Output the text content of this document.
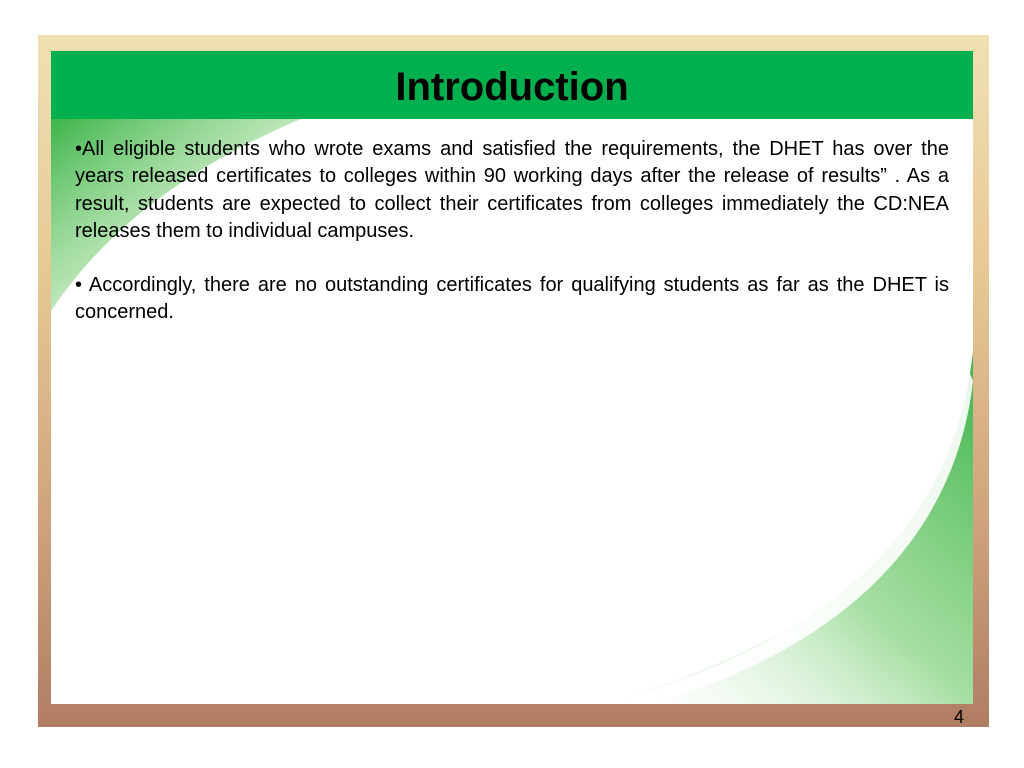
Introduction

•All eligible students who wrote exams and satisfied the requirements, the DHET has over the years released certificates to colleges within 90 working days after the release of results” . As a result, students are expected to collect their certificates from colleges immediately the CD:NEA releases them to individual campuses.

• Accordingly, there are no outstanding certificates for qualifying students as far as the DHET is concerned.

4
